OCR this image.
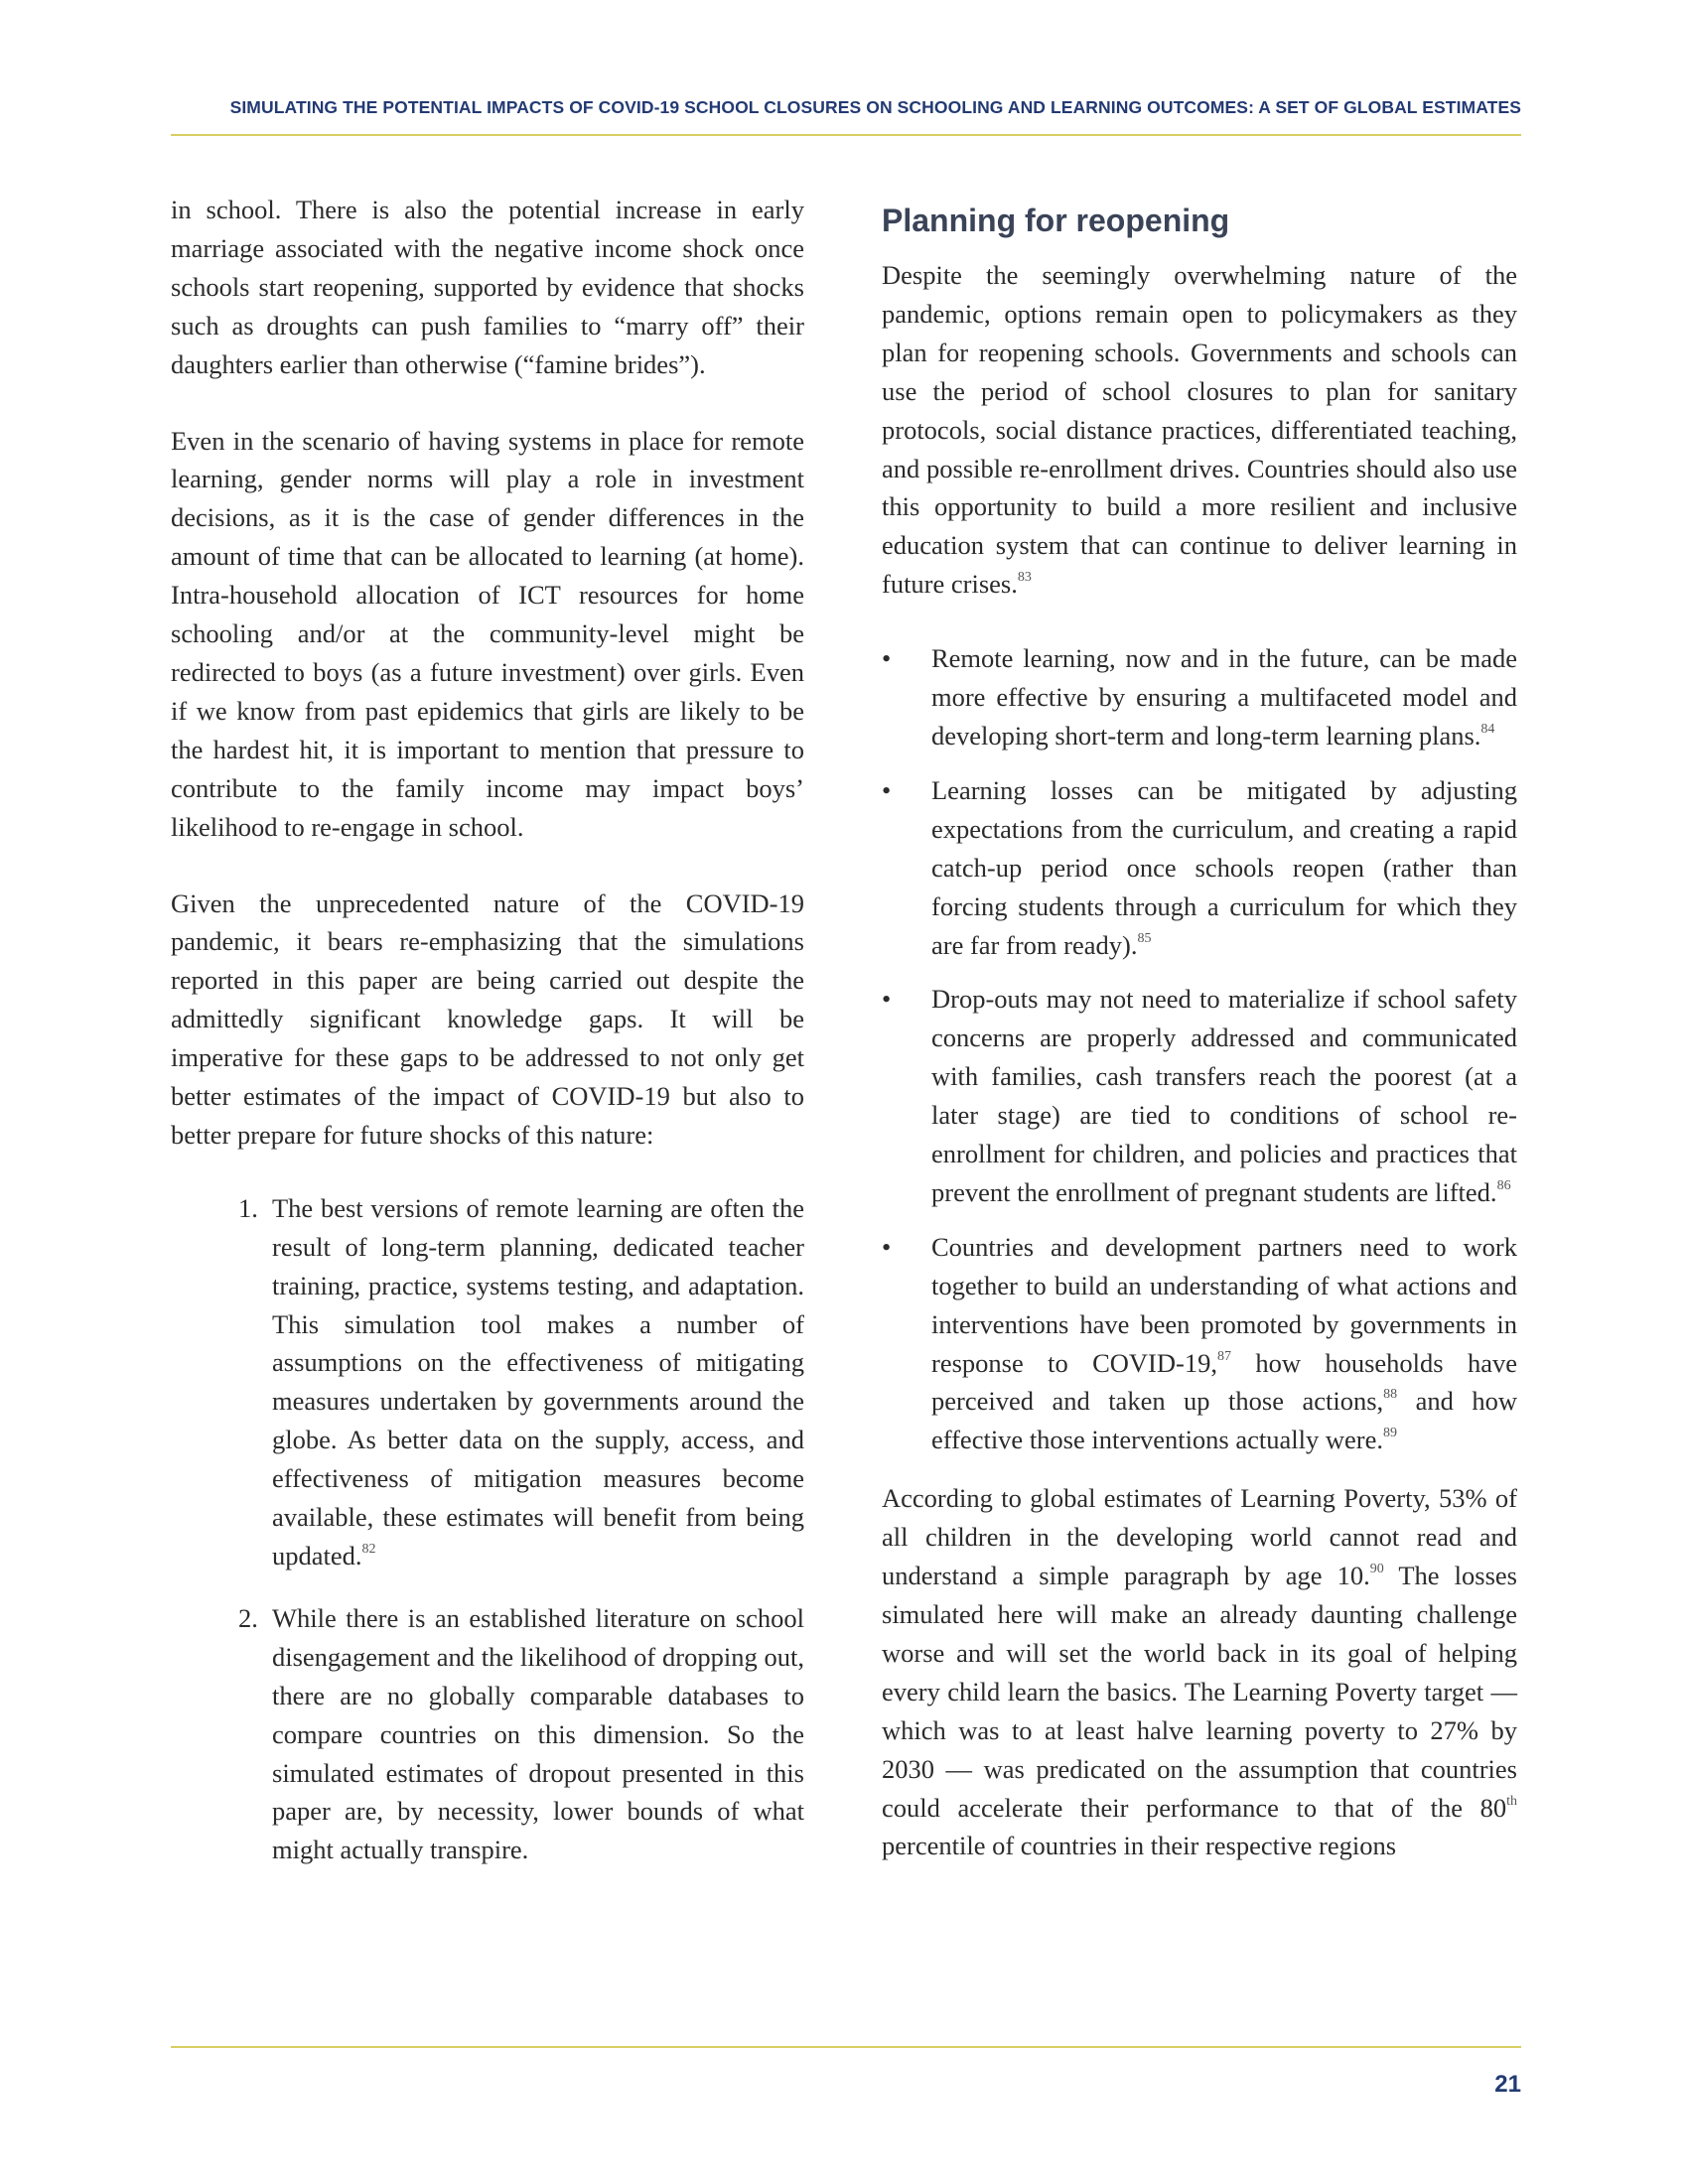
SIMULATING THE POTENTIAL IMPACTS OF COVID-19 SCHOOL CLOSURES ON SCHOOLING AND LEARNING OUTCOMES: A SET OF GLOBAL ESTIMATES

in school. There is also the potential increase in early marriage associated with the negative income shock once schools start reopening, supported by evidence that shocks such as droughts can push families to “marry off” their daughters earlier than otherwise (“famine brides”).

Even in the scenario of having systems in place for remote learning, gender norms will play a role in investment decisions, as it is the case of gender differences in the amount of time that can be allocated to learning (at home). Intra-household allocation of ICT resources for home schooling and/or at the community-level might be redirected to boys (as a future investment) over girls. Even if we know from past epidemics that girls are likely to be the hardest hit, it is important to mention that pressure to contribute to the family income may impact boys’ likelihood to re-engage in school.

Given the unprecedented nature of the COVID-19 pandemic, it bears re-emphasizing that the simulations reported in this paper are being carried out despite the admittedly significant knowledge gaps. It will be imperative for these gaps to be addressed to not only get better estimates of the impact of COVID-19 but also to better prepare for future shocks of this nature:

1. The best versions of remote learning are often the result of long-term planning, dedicated teacher training, practice, systems testing, and adaptation. This simulation tool makes a number of assumptions on the effectiveness of mitigating measures undertaken by governments around the globe. As better data on the supply, access, and effectiveness of mitigation measures become available, these estimates will benefit from being updated.$^{82}$
2. While there is an established literature on school disengagement and the likelihood of dropping out, there are no globally comparable databases to compare countries on this dimension. So the simulated estimates of dropout presented in this paper are, by necessity, lower bounds of what might actually transpire.
Planning for reopening

Despite the seemingly overwhelming nature of the pandemic, options remain open to policymakers as they plan for reopening schools. Governments and schools can use the period of school closures to plan for sanitary protocols, social distance practices, differentiated teaching, and possible re-enrollment drives. Countries should also use this opportunity to build a more resilient and inclusive education system that can continue to deliver learning in future crises.$^{83}$

• Remote learning, now and in the future, can be made more effective by ensuring a multifaceted model and developing short-term and long-term learning plans.$^{84}$
• Learning losses can be mitigated by adjusting expectations from the curriculum, and creating a rapid catch-up period once schools reopen (rather than forcing students through a curriculum for which they are far from ready).$^{85}$
• Drop-outs may not need to materialize if school safety concerns are properly addressed and communicated with families, cash transfers reach the poorest (at a later stage) are tied to conditions of school re-enrollment for children, and policies and practices that prevent the enrollment of pregnant students are lifted.$^{86}$
• Countries and development partners need to work together to build an understanding of what actions and interventions have been promoted by governments in response to COVID-19,87 how households have perceived and taken up those actions,$^{88}$ and how effective those interventions actually were.$^{89}$

According to global estimates of Learning Poverty, 53% of all children in the developing world cannot read and understand a simple paragraph by age 10.90 The losses simulated here will make an already daunting challenge worse and will set the world back in its goal of helping every child learn the basics. The Learning Poverty target — which was to at least halve learning poverty to 27% by 2030 — was predicated on the assumption that countries could accelerate their performance to that of the 80th percentile of countries in their respective regions

21
